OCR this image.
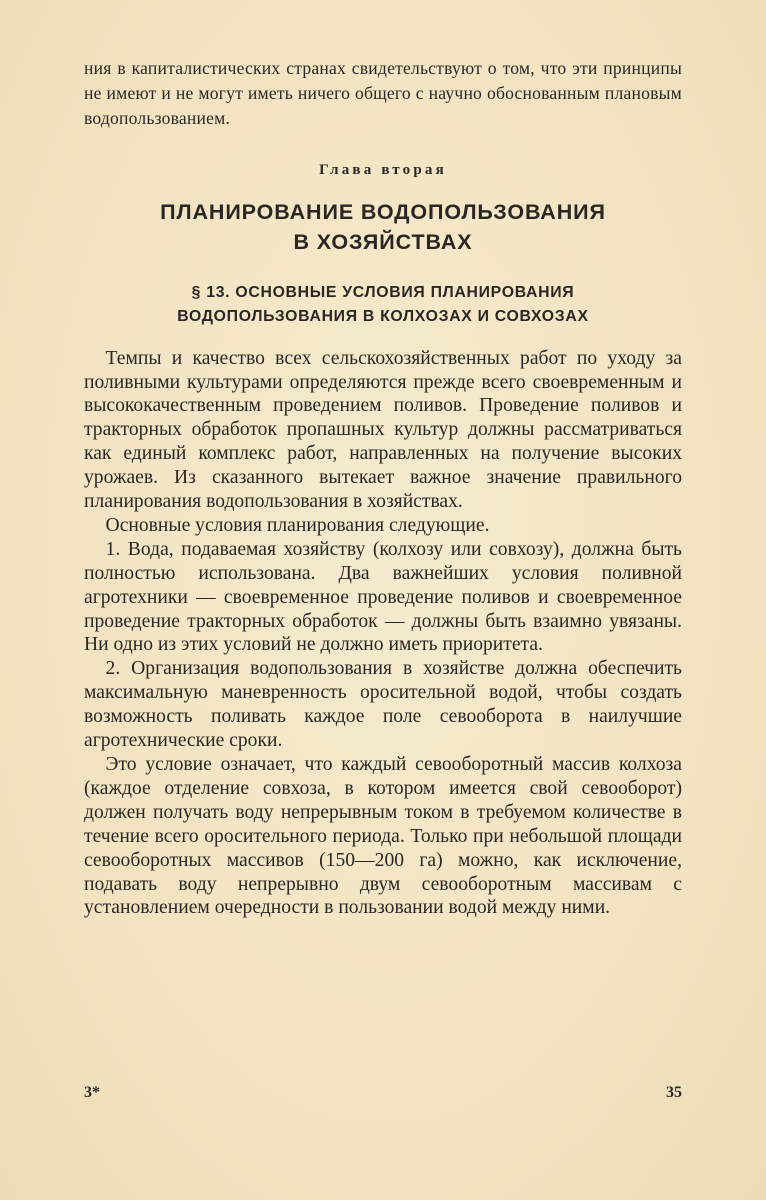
ния в капиталистических странах свидетельствуют о том, что эти принципы не имеют и не могут иметь ничего общего с научно обоснованным плановым водопользованием.

Глава вторая
ПЛАНИРОВАНИЕ ВОДОПОЛЬЗОВАНИЯ
В ХОЗЯЙСТВАХ
§ 13. ОСНОВНЫЕ УСЛОВИЯ ПЛАНИРОВАНИЯ
ВОДОПОЛЬЗОВАНИЯ В КОЛХОЗАХ И СОВХОЗАХ

Темпы и качество всех сельскохозяйственных работ по уходу за поливными культурами определяются прежде всего своевременным и высококачественным проведением поливов. Проведение поливов и тракторных обработок пропашных культур должны рассматриваться как единый комплекс работ, направленных на получение высоких урожаев. Из сказанного вытекает важное значение правильного планирования водопользования в хозяйствах.

Основные условия планирования следующие.

1. Вода, подаваемая хозяйству (колхозу или совхозу), должна быть полностью использована. Два важнейших условия поливной агротехники — своевременное проведение поливов и своевременное проведение тракторных обработок — должны быть взаимно увязаны. Ни одно из этих условий не должно иметь приоритета.

2. Организация водопользования в хозяйстве должна обеспечить максимальную маневренность оросительной водой, чтобы создать возможность поливать каждое поле севооборота в наилучшие агротехнические сроки.

Это условие означает, что каждый севооборотный массив колхоза (каждое отделение совхоза, в котором имеется свой севооборот) должен получать воду непрерывным током в требуемом количестве в течение всего оросительного периода. Только при небольшой площади севооборотных массивов (150—200 га) можно, как исключение, подавать воду непрерывно двум севооборотным массивам с установлением очередности в пользовании водой между ними.

3*	35
